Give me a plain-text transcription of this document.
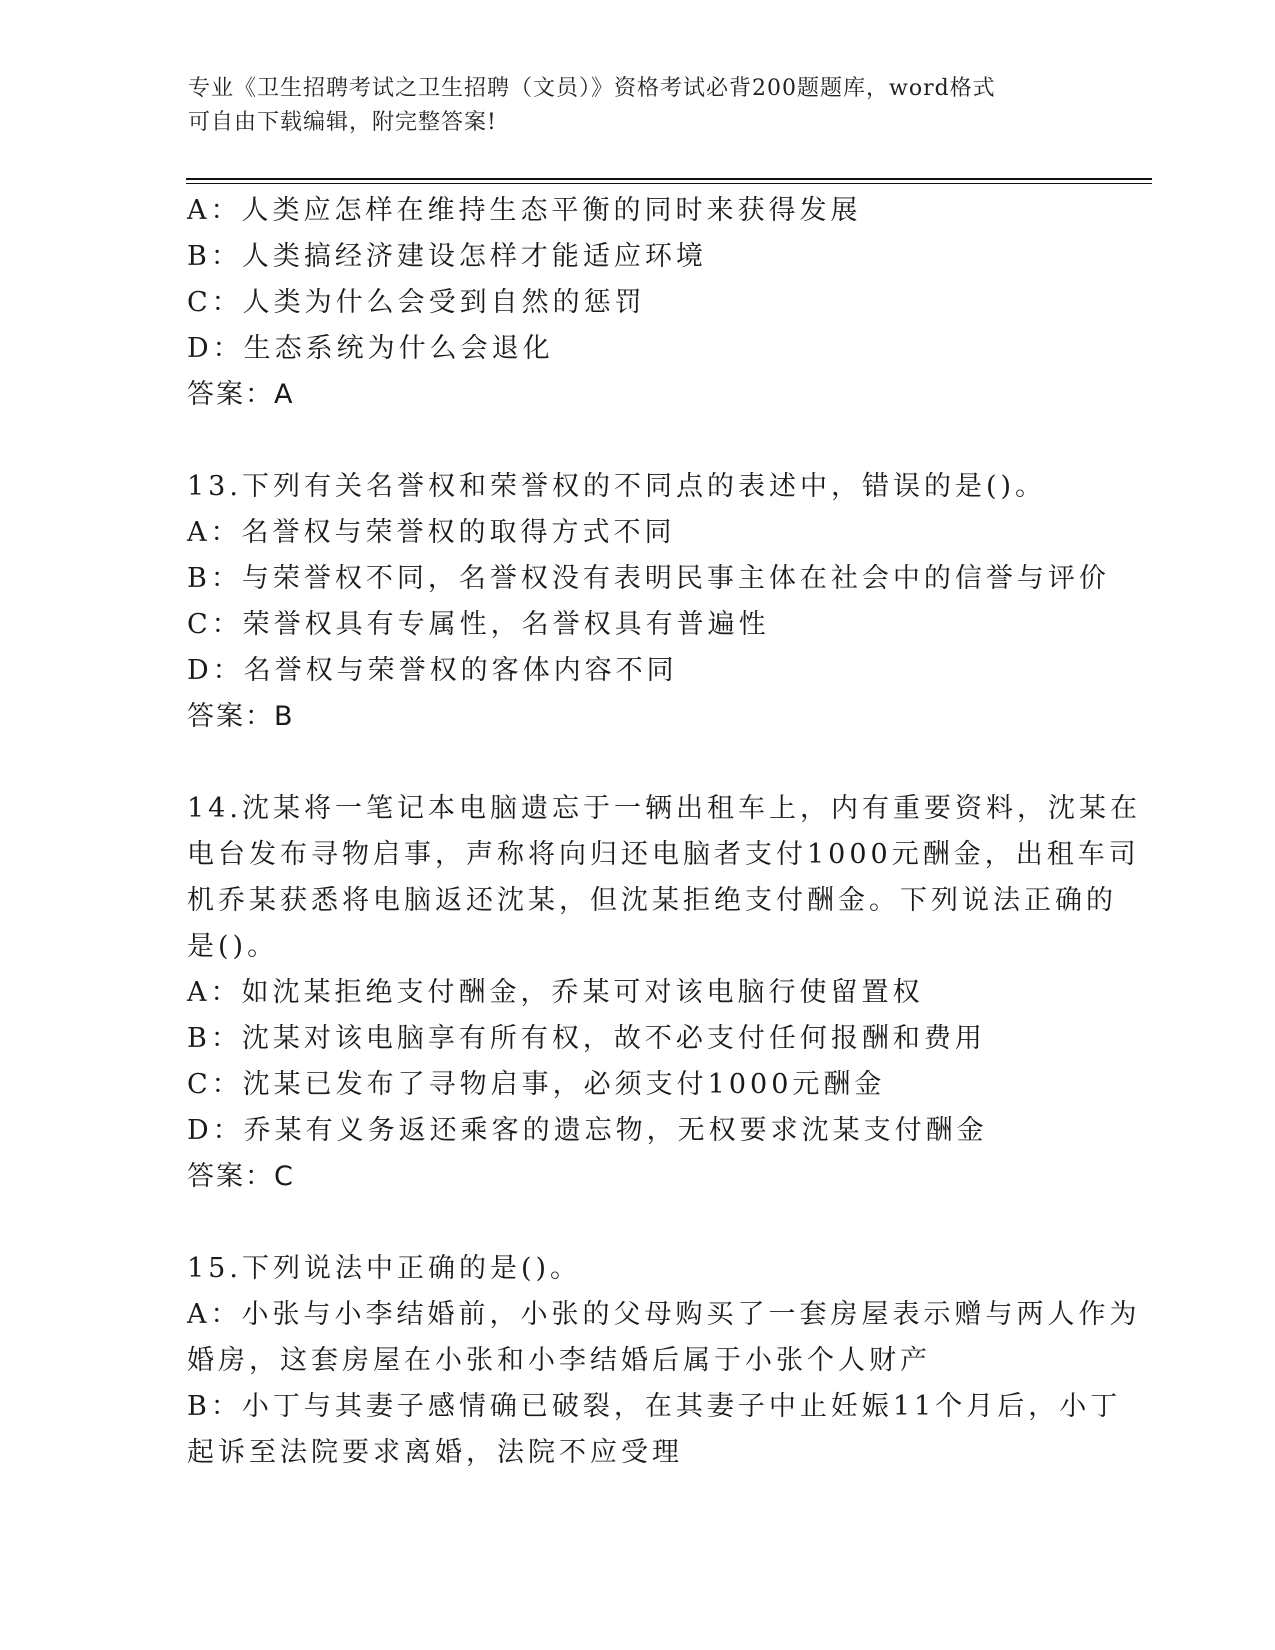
专业《卫生招聘考试之卫生招聘（文员）》资格考试必背200题题库，word格式
可自由下载编辑，附完整答案!
A：人类应怎样在维持生态平衡的同时来获得发展
B：人类搞经济建设怎样才能适应环境
C：人类为什么会受到自然的惩罚
D：生态系统为什么会退化
答案：A
13.下列有关名誉权和荣誉权的不同点的表述中，错误的是()。
A：名誉权与荣誉权的取得方式不同
B：与荣誉权不同，名誉权没有表明民事主体在社会中的信誉与评价
C：荣誉权具有专属性，名誉权具有普遍性
D：名誉权与荣誉权的客体内容不同
答案：B
14.沈某将一笔记本电脑遗忘于一辆出租车上，内有重要资料，沈某在
电台发布寻物启事，声称将向归还电脑者支付1000元酬金，出租车司
机乔某获悉将电脑返还沈某，但沈某拒绝支付酬金。下列说法正确的
是()。
A：如沈某拒绝支付酬金，乔某可对该电脑行使留置权
B：沈某对该电脑享有所有权，故不必支付任何报酬和费用
C：沈某已发布了寻物启事，必须支付1000元酬金
D：乔某有义务返还乘客的遗忘物，无权要求沈某支付酬金
答案：C
15.下列说法中正确的是()。
A：小张与小李结婚前，小张的父母购买了一套房屋表示赠与两人作为
婚房，这套房屋在小张和小李结婚后属于小张个人财产
B：小丁与其妻子感情确已破裂，在其妻子中止妊娠11个月后，小丁
起诉至法院要求离婚，法院不应受理
